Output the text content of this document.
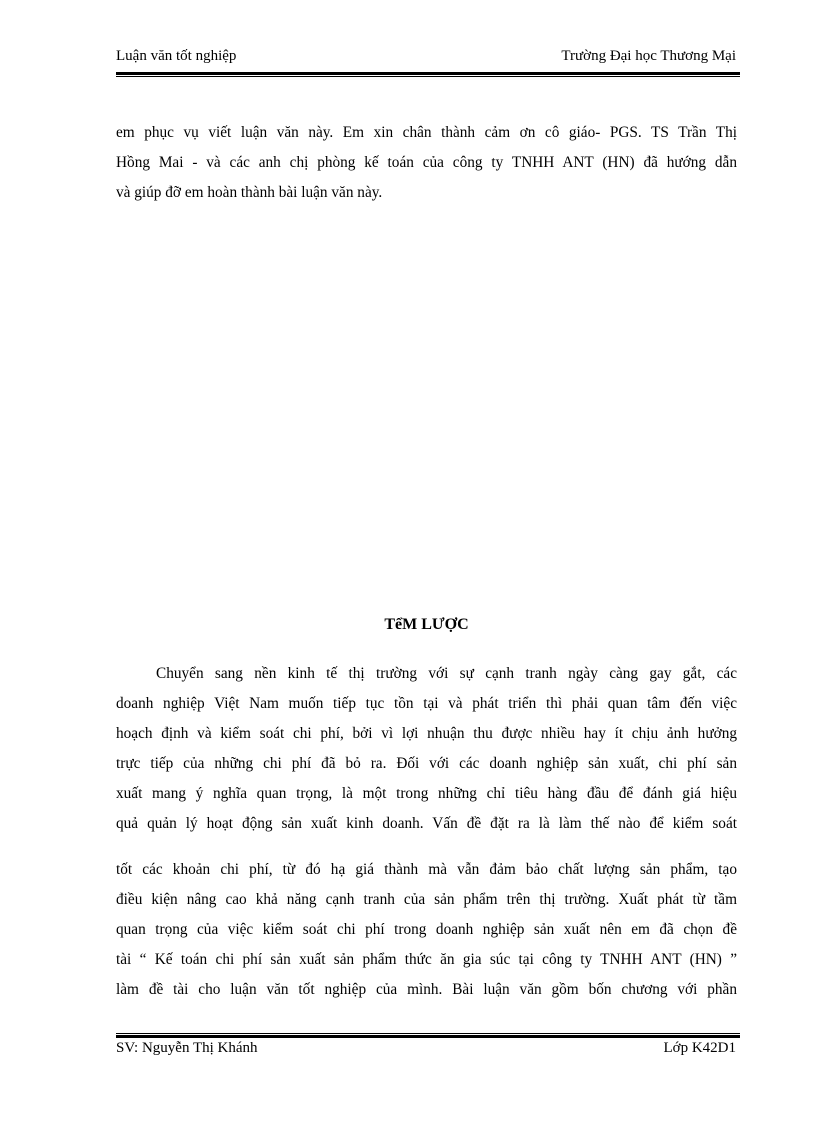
Luận văn tốt nghiệp	Trường Đại học Thương Mại
em phục vụ viết luận văn này. Em xin chân thành cảm ơn cô giáo- PGS. TS Trần Thị
Hồng Mai - và các anh chị phòng kế toán của công ty TNHH ANT (HN) đã hướng dẫn
và giúp đỡ em hoàn thành bài luận văn này.
TểM LƯỢC
Chuyển sang nền kinh tế thị trường với sự cạnh tranh ngày càng gay gắt, các
doanh nghiệp Việt Nam muốn tiếp tục tồn tại và phát triển thì phải quan tâm đến việc
hoạch định và kiểm soát chi phí, bởi vì lợi nhuận thu được nhiều hay ít chịu ảnh hưởng
trực tiếp của những chi phí đã bỏ ra. Đối với các doanh nghiệp sản xuất, chi phí sản
xuất mang ý nghĩa quan trọng, là một trong những chỉ tiêu hàng đầu để đánh giá hiệu
quả quản lý hoạt động sản xuất kinh doanh. Vấn đề đặt ra là làm thế nào để kiểm soát
tốt các khoản chi phí, từ đó hạ giá thành mà vẫn đảm bảo chất lượng sản phẩm, tạo
điều kiện nâng cao khả năng cạnh tranh của sản phẩm trên thị trường. Xuất phát từ tầm
quan trọng của việc kiểm soát chi phí trong doanh nghiệp sản xuất nên em đã chọn đề
tài “ Kế toán chi phí sản xuất sản phẩm thức ăn gia súc tại công ty TNHH ANT (HN) ”
làm đề tài cho luận văn tốt nghiệp của mình. Bài luận văn gồm bốn chương với phần
SV: Nguyễn Thị Khánh	Lớp K42D1
